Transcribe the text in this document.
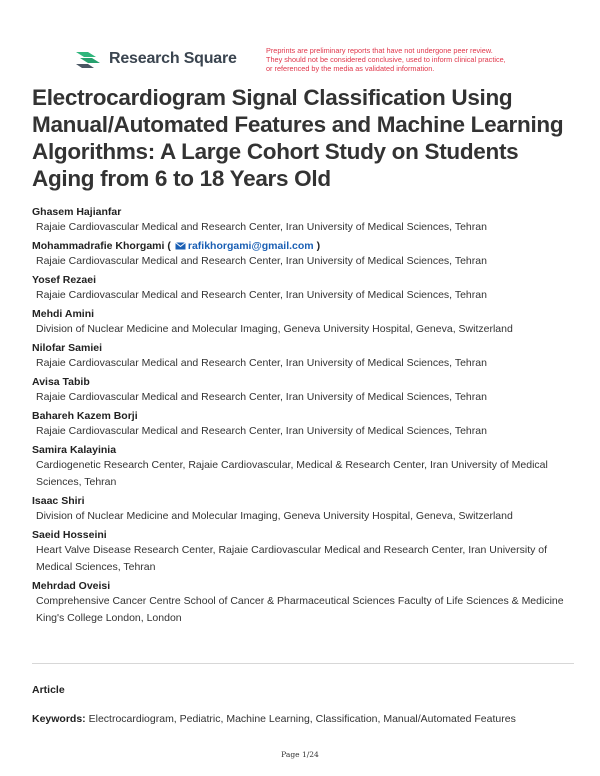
Research Square	Preprints are preliminary reports that have not undergone peer review.
They should not be considered conclusive, used to inform clinical practice,
or referenced by the media as validated information.
Electrocardiogram Signal Classification Using Manual/Automated Features and Machine Learning Algorithms: A Large Cohort Study on Students Aging from 6 to 18 Years Old
Ghasem Hajianfar
Rajaie Cardiovascular Medical and Research Center, Iran University of Medical Sciences, Tehran
Mohammadrafie Khorgami ( rafikhorgami@gmail.com )
Rajaie Cardiovascular Medical and Research Center, Iran University of Medical Sciences, Tehran
Yosef Rezaei
Rajaie Cardiovascular Medical and Research Center, Iran University of Medical Sciences, Tehran
Mehdi Amini
Division of Nuclear Medicine and Molecular Imaging, Geneva University Hospital, Geneva, Switzerland
Nilofar Samiei
Rajaie Cardiovascular Medical and Research Center, Iran University of Medical Sciences, Tehran
Avisa Tabib
Rajaie Cardiovascular Medical and Research Center, Iran University of Medical Sciences, Tehran
Bahareh Kazem Borji
Rajaie Cardiovascular Medical and Research Center, Iran University of Medical Sciences, Tehran
Samira Kalayinia
Cardiogenetic Research Center, Rajaie Cardiovascular, Medical & Research Center, Iran University of Medical Sciences, Tehran
Isaac Shiri
Division of Nuclear Medicine and Molecular Imaging, Geneva University Hospital, Geneva, Switzerland
Saeid Hosseini
Heart Valve Disease Research Center, Rajaie Cardiovascular Medical and Research Center, Iran University of Medical Sciences, Tehran
Mehrdad Oveisi
Comprehensive Cancer Centre School of Cancer & Pharmaceutical Sciences Faculty of Life Sciences & Medicine King's College London, London
Article
Keywords: Electrocardiogram, Pediatric, Machine Learning, Classification, Manual/Automated Features
Page 1/24
